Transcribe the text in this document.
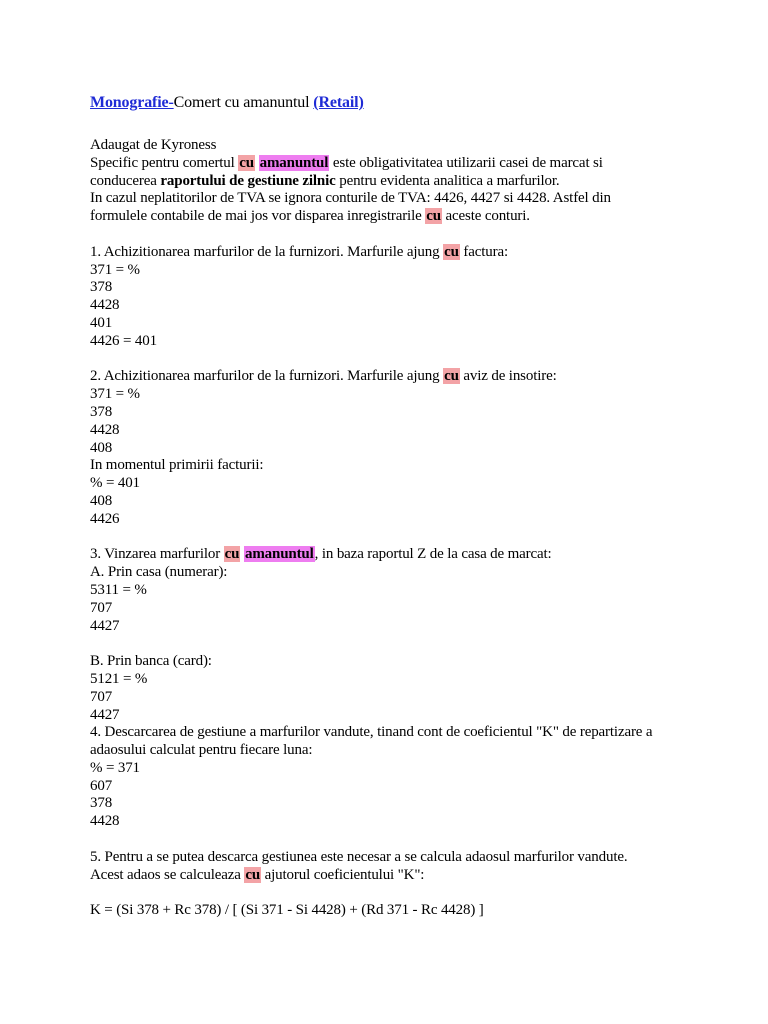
Monografie-Comert cu amanuntul (Retail)
Adaugat de Kyroness
Specific pentru comertul cu amanuntul este obligativitatea utilizarii casei de marcat si
conducerea raportului de gestiune zilnic pentru evidenta analitica a marfurilor.
In cazul neplatitorilor de TVA se ignora conturile de TVA: 4426, 4427 si 4428. Astfel din
formulele contabile de mai jos vor disparea inregistrarile cu aceste conturi.
1. Achizitionarea marfurilor de la furnizori. Marfurile ajung cu factura:
371 = %
378
4428
401
4426 = 401
2. Achizitionarea marfurilor de la furnizori. Marfurile ajung cu aviz de insotire:
371 = %
378
4428
408
In momentul primirii facturii:
% = 401
408
4426
3. Vinzarea marfurilor cu amanuntul, in baza raportul Z de la casa de marcat:
A. Prin casa (numerar):
5311 = %
707
4427
B. Prin banca (card):
5121 = %
707
4427
4. Descarcarea de gestiune a marfurilor vandute, tinand cont de coeficientul "K" de repartizare a
adaosului calculat pentru fiecare luna:
% = 371
607
378
4428
5. Pentru a se putea descarca gestiunea este necesar a se calcula adaosul marfurilor vandute.
Acest adaos se calculeaza cu ajutorul coeficientului "K":
K = (Si 378 + Rc 378) / [ (Si 371 - Si 4428) + (Rd 371 - Rc 4428) ]
